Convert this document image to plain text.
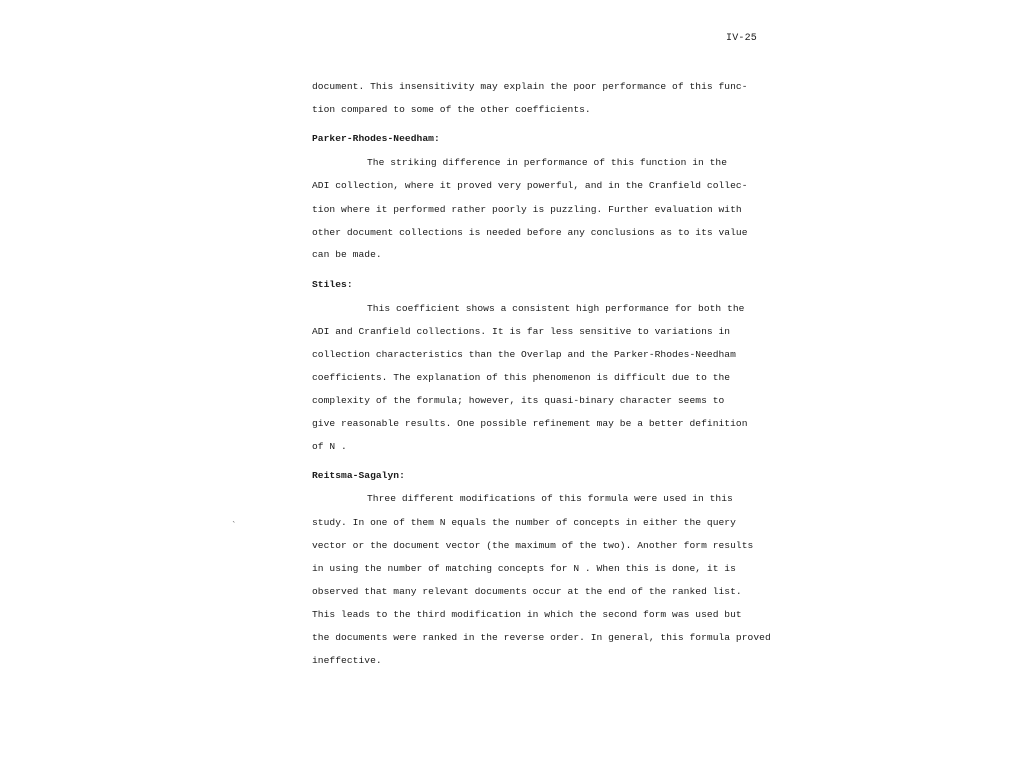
IV-25
`
document. This insensitivity may explain the poor performance of this func-
tion compared to some of the other coefficients.
Parker-Rhodes-Needham:
The striking difference in performance of this function in the
ADI collection, where it proved very powerful, and in the Cranfield collec-
tion where it performed rather poorly is puzzling. Further evaluation with
other document collections is needed before any conclusions as to its value
can be made.
Stiles:
This coefficient shows a consistent high performance for both the
ADI and Cranfield collections. It is far less sensitive to variations in
collection characteristics than the Overlap and the Parker-Rhodes-Needham
coefficients. The explanation of this phenomenon is difficult due to the
complexity of the formula; however, its quasi-binary character seems to
give reasonable results. One possible refinement may be a better definition
of N .
Reitsma-Sagalyn:
Three different modifications of this formula were used in this
study. In one of them N equals the number of concepts in either the query
vector or the document vector (the maximum of the two). Another form results
in using the number of matching concepts for N . When this is done, it is
observed that many relevant documents occur at the end of the ranked list.
This leads to the third modification in which the second form was used but
the documents were ranked in the reverse order. In general, this formula proved
ineffective.
